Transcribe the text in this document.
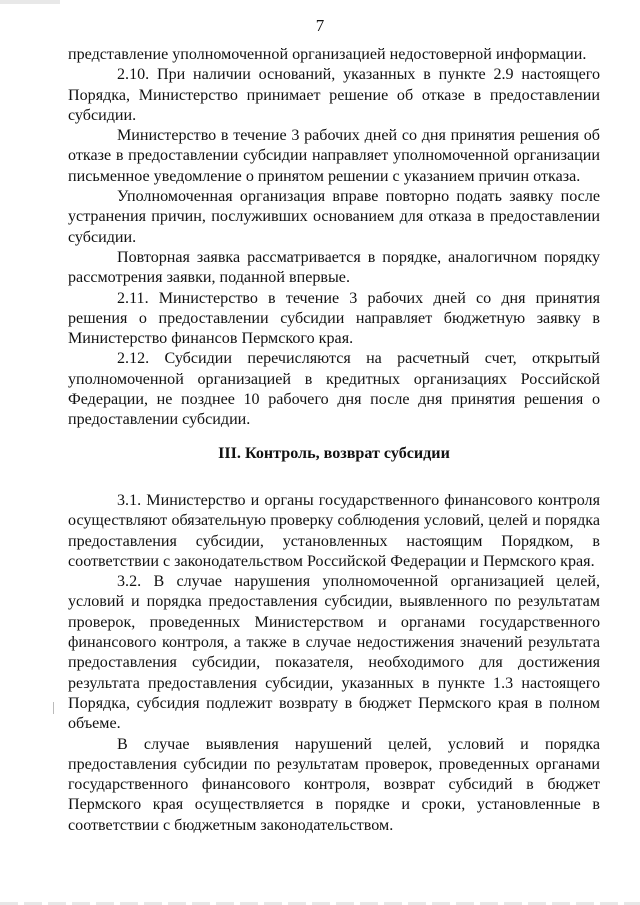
7

представление уполномоченной организацией недостоверной информации.

2.10. При наличии оснований, указанных в пункте 2.9 настоящего Порядка, Министерство принимает решение об отказе в предоставлении субсидии.

Министерство в течение 3 рабочих дней со дня принятия решения об отказе в предоставлении субсидии направляет уполномоченной организации письменное уведомление о принятом решении с указанием причин отказа.

Уполномоченная организация вправе повторно подать заявку после устранения причин, послуживших основанием для отказа в предоставлении субсидии.

Повторная заявка рассматривается в порядке, аналогичном порядку рассмотрения заявки, поданной впервые.

2.11. Министерство в течение 3 рабочих дней со дня принятия решения о предоставлении субсидии направляет бюджетную заявку в Министерство финансов Пермского края.

2.12. Субсидии перечисляются на расчетный счет, открытый уполномоченной организацией в кредитных организациях Российской Федерации, не позднее 10 рабочего дня после дня принятия решения о предоставлении субсидии.

III. Контроль, возврат субсидии

3.1. Министерство и органы государственного финансового контроля осуществляют обязательную проверку соблюдения условий, целей и порядка предоставления субсидии, установленных настоящим Порядком, в соответствии с законодательством Российской Федерации и Пермского края.

3.2. В случае нарушения уполномоченной организацией целей, условий и порядка предоставления субсидии, выявленного по результатам проверок, проведенных Министерством и органами государственного финансового контроля, а также в случае недостижения значений результата предоставления субсидии, показателя, необходимого для достижения результата предоставления субсидии, указанных в пункте 1.3 настоящего Порядка, субсидия подлежит возврату в бюджет Пермского края в полном объеме.

В случае выявления нарушений целей, условий и порядка предоставления субсидии по результатам проверок, проведенных органами государственного финансового контроля, возврат субсидий в бюджет Пермского края осуществляется в порядке и сроки, установленные в соответствии с бюджетным законодательством.
